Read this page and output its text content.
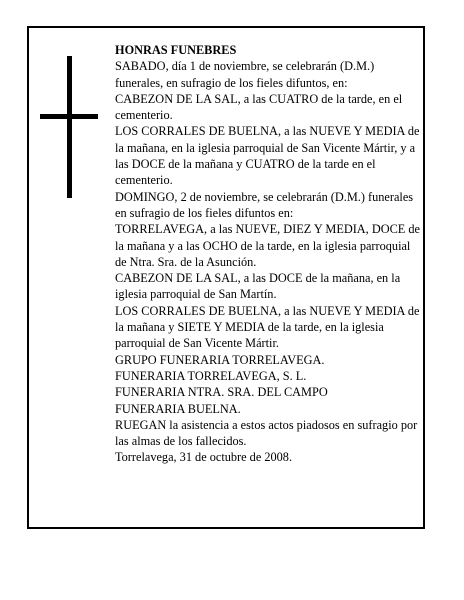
HONRAS FUNEBRES

SABADO, día 1 de noviembre, se celebrarán (D.M.) funerales, en sufragio de los fieles difuntos, en:

CABEZON DE LA SAL, a las CUATRO de la tarde, en el cementerio.

LOS CORRALES DE BUELNA, a las NUEVE Y MEDIA de la mañana, en la iglesia parroquial de San Vicente Mártir, y a las DOCE de la mañana y CUATRO de la tarde en el cementerio.

DOMINGO, 2 de noviembre, se celebrarán (D.M.) funerales en sufragio de los fieles difuntos en:

TORRELAVEGA, a las NUEVE, DIEZ Y MEDIA, DOCE de la mañana y a las OCHO de la tarde, en la iglesia parroquial de Ntra. Sra. de la Asunción.

CABEZON DE LA SAL, a las DOCE de la mañana, en la iglesia parroquial de San Martín.

LOS CORRALES DE BUELNA, a las NUEVE Y MEDIA de la mañana y SIETE Y MEDIA de la tarde, en la iglesia parroquial de San Vicente Mártir.

GRUPO FUNERARIA TORRELAVEGA.

FUNERARIA TORRELAVEGA, S. L.

FUNERARIA NTRA. SRA. DEL CAMPO

FUNERARIA BUELNA.

RUEGAN la asistencia a estos actos piadosos en sufragio por las almas de los fallecidos.

Torrelavega, 31 de octubre de 2008.
